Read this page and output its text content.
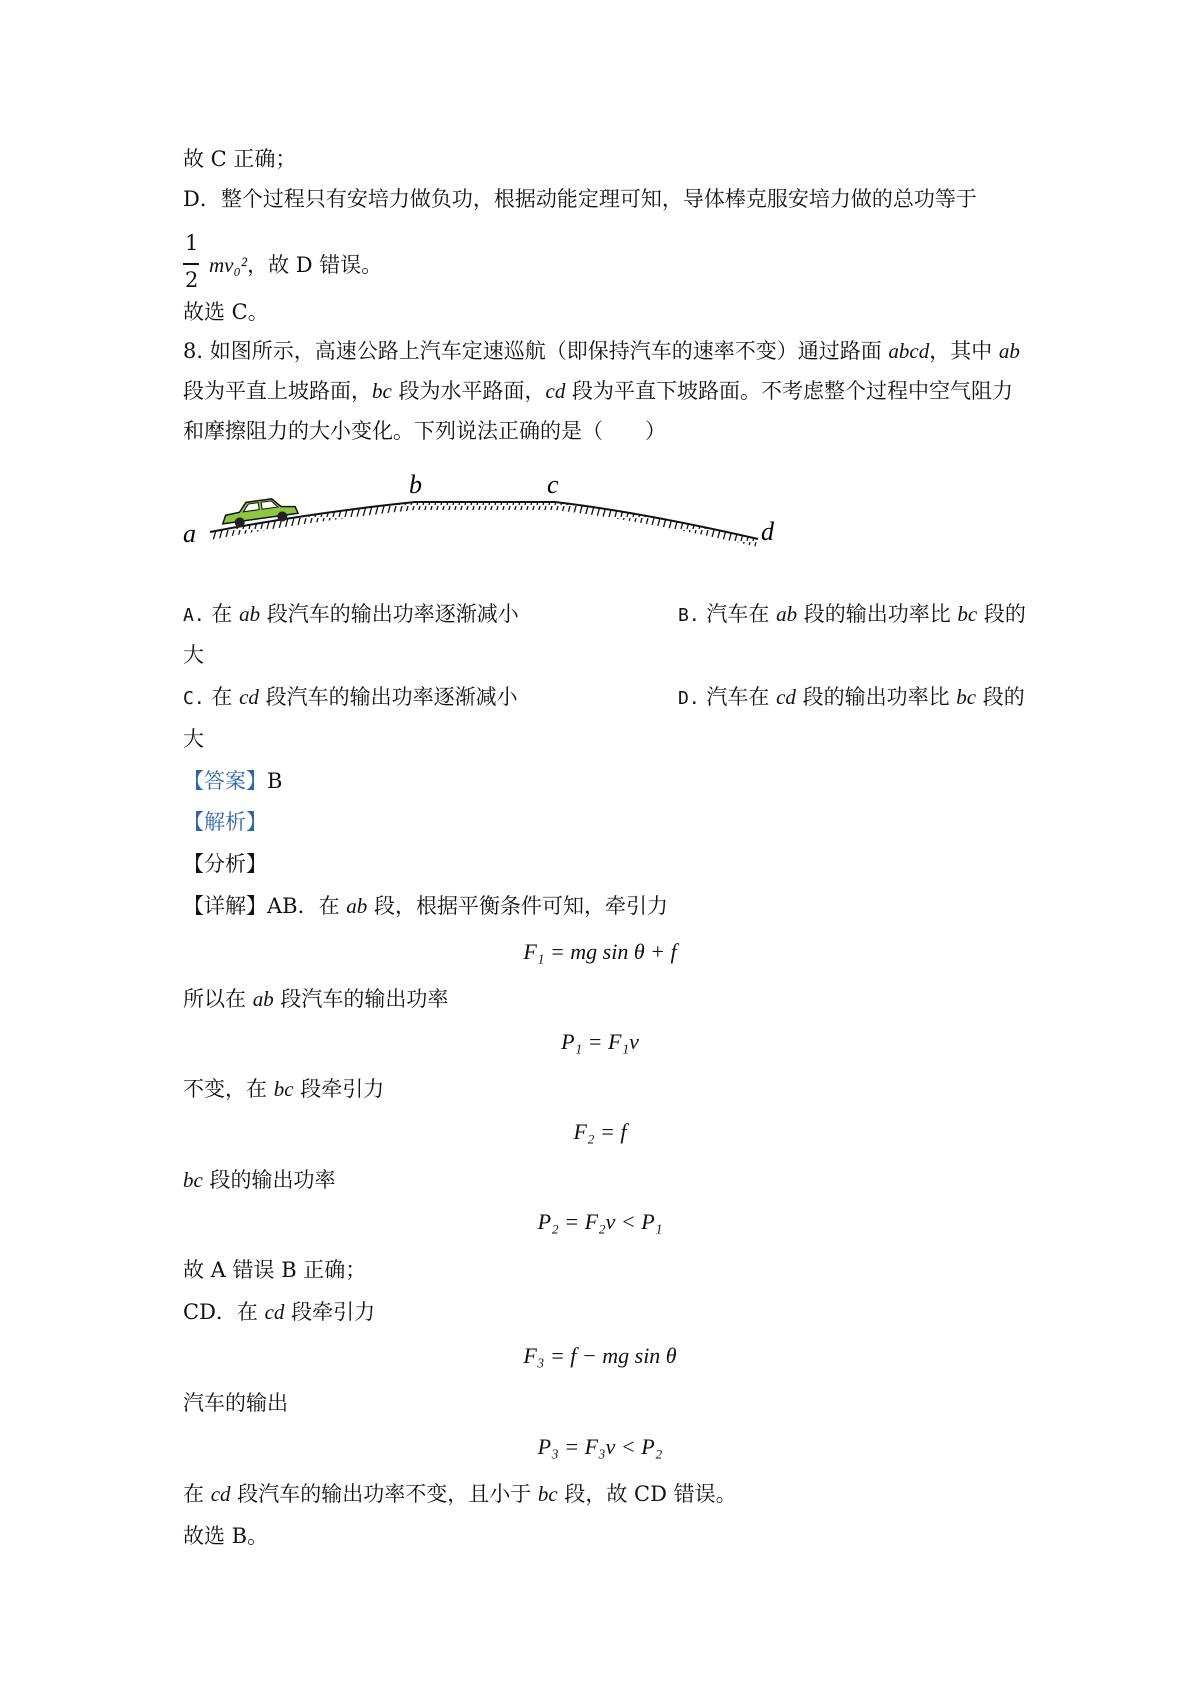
故 C 正确；
D．整个过程只有安培力做负功，根据动能定理可知，导体棒克服安培力做的总功等于
1
2
mv₀²，故 D 错误。
故选 C。
8. 如图所示，高速公路上汽车定速巡航（即保持汽车的速率不变）通过路面 abcd，其中 ab
段为平直上坡路面，bc 段为水平路面，cd 段为平直下坡路面。不考虑整个过程中空气阻力
和摩擦阻力的大小变化。下列说法正确的是（　　）
a
b	c
d
A. 在 ab 段汽车的输出功率逐渐减小	B. 汽车在 ab 段的输出功率比 bc 段的
大
C. 在 cd 段汽车的输出功率逐渐减小	D. 汽车在 cd 段的输出功率比 bc 段的
大
【答案】B
【解析】
【分析】
【详解】AB．在 ab 段，根据平衡条件可知，牵引力
F₁ = mg sin θ + f
所以在 ab 段汽车的输出功率
P₁ = F₁v
不变，在 bc 段牵引力
F₂ = f
bc 段的输出功率
P₂ = F₂v < P₁
故 A 错误 B 正确；
CD．在 cd 段牵引力
F₃ = f − mg sin θ
汽车的输出
P₃ = F₃v < P₂
在 cd 段汽车的输出功率不变，且小于 bc 段，故 CD 错误。
故选 B。
